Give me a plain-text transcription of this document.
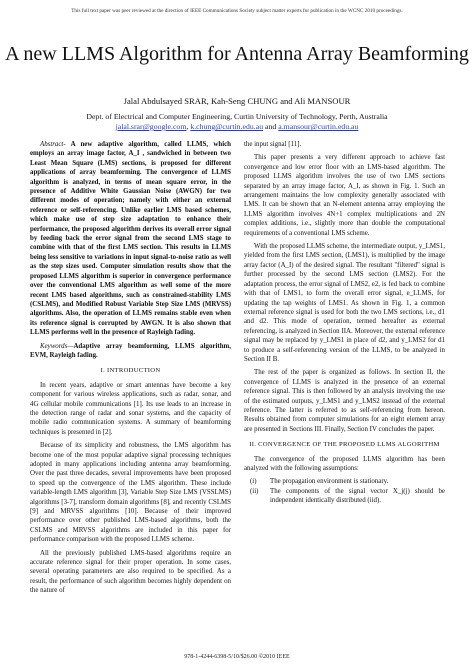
This full text paper was peer reviewed at the direction of IEEE Communications Society subject matter experts for publication in the WCNC 2010 proceedings.
A new LLMS Algorithm for Antenna Array Beamforming
Jalal Abdulsayed SRAR, Kah-Seng CHUNG and Ali MANSOUR
Dept. of Electrical and Computer Engineering, Curtin University of Technology, Perth, Australia
jalal.srar@google.com, k.chung@curtin.edu.au and a.mansour@curtin.edu.au

Abstract- A new adaptive algorithm, called LLMS, which employs an array image factor, A_I , sandwiched in between two Least Mean Square (LMS) sections, is proposed for different applications of array beamforming. The convergence of LLMS algorithm is analyzed, in terms of mean square error, in the presence of Additive White Gaussian Noise (AWGN) for two different modes of operation; namely with either an external reference or self-referencing. Unlike earlier LMS based schemes, which make use of step size adaptation to enhance their performance, the proposed algorithm derives its overall error signal by feeding back the error signal from the second LMS stage to combine with that of the first LMS section. This results in LLMS being less sensitive to variations in input signal-to-noise ratio as well as the step sizes used. Computer simulation results show that the proposed LLMS algorithm is superior in convergence performance over the conventional LMS algorithm as well some of the more recent LMS based algorithms, such as constrained-stability LMS (CSLMS), and Modified Robust Variable Step Size LMS (MRVSS) algorithms. Also, the operation of LLMS remains stable even when its reference signal is corrupted by AWGN. It is also shown that LLMS performs well in the presence of Rayleigh fading.

Keywords—Adaptive array beamforming, LLMS algorithm, EVM, Rayleigh fading.

I. INTRODUCTION

In recent years, adaptive or smart antennas have become a key component for various wireless applications, such as radar, sonar, and 4G cellular mobile communications [1]. Its use leads to an increase in the detection range of radar and sonar systems, and the capacity of mobile radio communication systems. A summary of beamforming techniques is presented in [2].

Because of its simplicity and robustness, the LMS algorithm has become one of the most popular adaptive signal processing techniques adopted in many applications including antenna array beamforming. Over the past three decades, several improvements have been proposed to speed up the convergence of the LMS algorithm. These include variable-length LMS algorithm [3], Variable Step Size LMS (VSSLMS) algorithms [3-7], transform domain algorithms [8], and recently CSLMS [9] and MRVSS algorithms [10]. Because of their improved performance over other published LMS-based algorithms, both the CSLMS and MRVSS algorithms are included in this paper for performance comparison with the proposed LLMS scheme.

All the previously published LMS-based algorithms require an accurate reference signal for their proper operation. In some cases, several operating parameters are also required to be specified. As a result, the performance of such algorithm becomes highly dependent on the nature of

the input signal [11].

This paper presents a very different approach to achieve fast convergence and low error floor with an LMS-based algorithm. The proposed LLMS algorithm involves the use of two LMS sections separated by an array image factor, A_I, as shown in Fig. 1. Such an arrangement maintains the low complexity generally associated with LMS. It can be shown that an N-element antenna array employing the LLMS algorithm involves 4N+1 complex multiplications and 2N complex additions, i.e., slightly more than double the computational requirements of a conventional LMS scheme.

With the proposed LLMS scheme, the intermediate output, y_LMS1, yielded from the first LMS section, (LMS1), is multiplied by the image array factor (A_I) of the desired signal. The resultant "filtered" signal is further processed by the second LMS section (LMS2). For the adaptation process, the error signal of LMS2, e2, is fed back to combine with that of LMS1, to form the overall error signal, e_LLMS, for updating the tap weights of LMS1. As shown in Fig. 1, a common external reference signal is used for both the two LMS sections, i.e., d1 and d2. This mode of operation, termed hereafter as external referencing, is analyzed in Section IIA. Moreover, the external reference signal may be replaced by y_LMS1 in place of d2, and y_LMS2 for d1 to produce a self-referencing version of the LLMS, to be analyzed in Section II B.

The rest of the paper is organized as follows. In section II, the convergence of LLMS is analyzed in the presence of an external reference signal. This is then followed by an analysis involving the use of the estimated outputs, y_LMS1 and y_LMS2 instead of the external reference. The latter is referred to as self-referencing from hereon. Results obtained from computer simulations for an eight element array are presented in Sections III. Finally, Section IV concludes the paper.

II. CONVERGENCE OF THE PROPOSED LLMS ALGORITHM

The convergence of the proposed LLMS algorithm has been analyzed with the following assumptions:

(i)	The propagation environment is stationary.
(ii)	The components of the signal vector X_j(j) should be independent identically distributed (iid).
978-1-4244-6398-5/10/$26.00 ©2010 IEEE
